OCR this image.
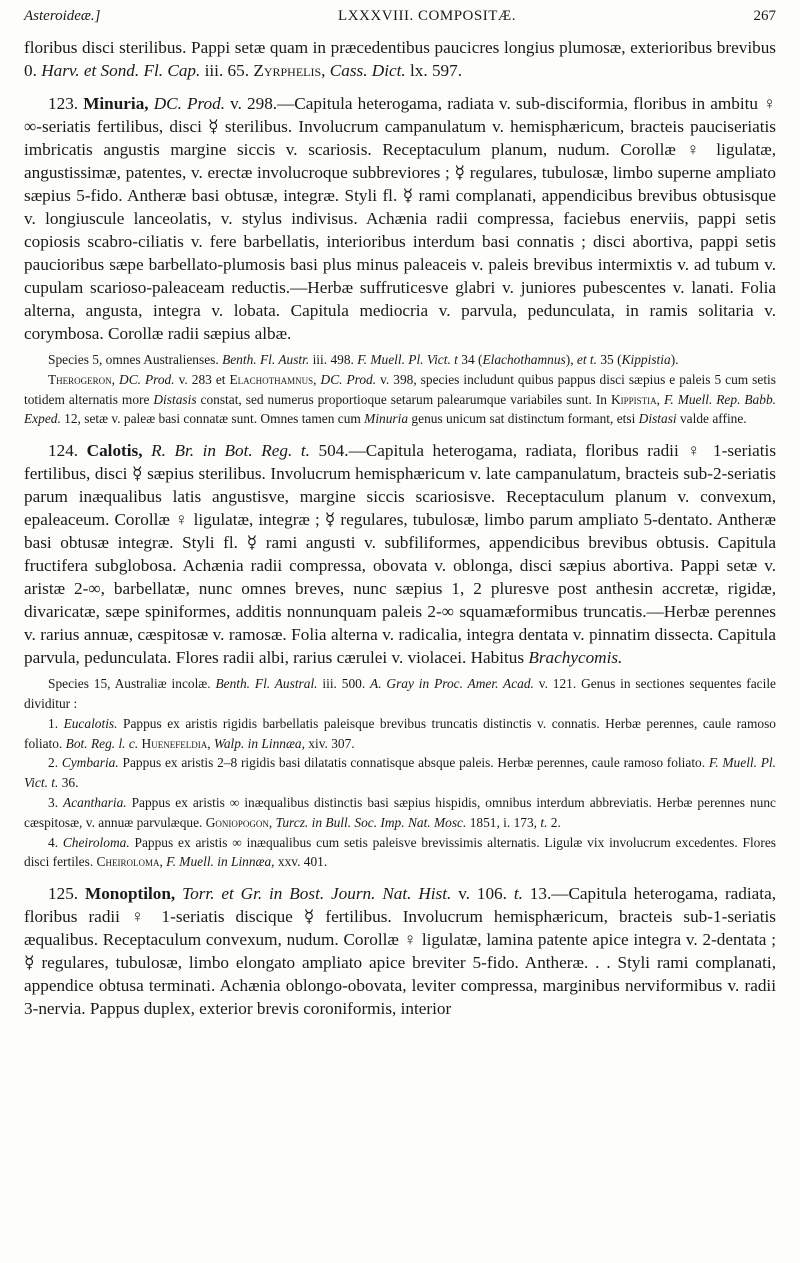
Asteroideæ.]	LXXXVIII. COMPOSITÆ.	267

floribus disci sterilibus. Pappi setæ quam in præcedentibus paucicres longius plumosæ, exterioribus brevibus 0. Harv. et Sond. Fl. Cap. iii. 65. Zyrphelis, Cass. Dict. lx. 597.

123. Minuria, DC. Prod. v. 298.—Capitula heterogama, radiata v. sub-disciformia, floribus in ambitu ♀ ∞-seriatis fertilibus, disci ☿ sterilibus. Involucrum campanulatum v. hemisphæricum, bracteis pauciseriatis imbricatis angustis margine siccis v. scariosis. Receptaculum planum, nudum. Corollæ ♀ ligulatæ, angustissimæ, patentes, v. erectæ involucroque subbreviores ; ☿ regulares, tubulosæ, limbo superne ampliato sæpius 5-fido. Antheræ basi obtusæ, integræ. Styli fl. ☿ rami complanati, appendicibus brevibus obtusisque v. longiuscule lanceolatis, v. stylus indivisus. Achænia radii compressa, faciebus enerviis, pappi setis copiosis scabro-ciliatis v. fere barbellatis, interioribus interdum basi connatis ; disci abortiva, pappi setis paucioribus sæpe barbellato-plumosis basi plus minus paleaceis v. paleis brevibus intermixtis v. ad tubum v. cupulam scarioso-paleaceam reductis.—Herbæ suffruticesve glabri v. juniores pubescentes v. lanati. Folia alterna, angusta, integra v. lobata. Capitula mediocria v. parvula, pedunculata, in ramis solitaria v. corymbosa. Corollæ radii sæpius albæ.

Species 5, omnes Australienses. Benth. Fl. Austr. iii. 498. F. Muell. Pl. Vict. t 34 (Elachothamnus), et t. 35 (Kippistia).

Therogeron, DC. Prod. v. 283 et Elachothamnus, DC. Prod. v. 398, species includunt quibus pappus disci sæpius e paleis 5 cum setis totidem alternatis more Distasis constat, sed numerus proportioque setarum palearumque variabiles sunt. In Kippistia, F. Muell. Rep. Babb. Exped. 12, setæ v. paleæ basi connatæ sunt. Omnes tamen cum Minuria genus unicum sat distinctum formant, etsi Distasi valde affine.

124. Calotis, R. Br. in Bot. Reg. t. 504.—Capitula heterogama, radiata, floribus radii ♀ 1-seriatis fertilibus, disci ☿ sæpius sterilibus. Involucrum hemisphæricum v. late campanulatum, bracteis sub-2-seriatis parum inæqualibus latis angustisve, margine siccis scariosisve. Receptaculum planum v. convexum, epaleaceum. Corollæ ♀ ligulatæ, integræ ; ☿ regulares, tubulosæ, limbo parum ampliato 5-dentato. Antheræ basi obtusæ integræ. Styli fl. ☿ rami angusti v. subfiliformes, appendicibus brevibus obtusis. Capitula fructifera subglobosa. Achænia radii compressa, obovata v. oblonga, disci sæpius abortiva. Pappi setæ v. aristæ 2-∞, barbellatæ, nunc omnes breves, nunc sæpius 1, 2 pluresve post anthesin accretæ, rigidæ, divaricatæ, sæpe spiniformes, additis nonnunquam paleis 2-∞ squamæformibus truncatis.—Herbæ perennes v. rarius annuæ, cæspitosæ v. ramosæ. Folia alterna v. radicalia, integra dentata v. pinnatim dissecta. Capitula parvula, pedunculata. Flores radii albi, rarius cærulei v. violacei. Habitus Brachycomis.

Species 15, Australiæ incolæ. Benth. Fl. Austral. iii. 500. A. Gray in Proc. Amer. Acad. v. 121. Genus in sectiones sequentes facile dividitur :

1. Eucalotis. Pappus ex aristis rigidis barbellatis paleisque brevibus truncatis distinctis v. connatis. Herbæ perennes, caule ramoso foliato. Bot. Reg. l. c. Huenefeldia, Walp. in Linnæa, xiv. 307.

2. Cymbaria. Pappus ex aristis 2–8 rigidis basi dilatatis connatisque absque paleis. Herbæ perennes, caule ramoso foliato. F. Muell. Pl. Vict. t. 36.

3. Acantharia. Pappus ex aristis ∞ inæqualibus distinctis basi sæpius hispidis, omnibus interdum abbreviatis. Herbæ perennes nunc cæspitosæ, v. annuæ parvulæque. Goniopogon, Turcz. in Bull. Soc. Imp. Nat. Mosc. 1851, i. 173, t. 2.

4. Cheiroloma. Pappus ex aristis ∞ inæqualibus cum setis paleisve brevissimis alternatis. Ligulæ vix involucrum excedentes. Flores disci fertiles. Cheiroloma, F. Muell. in Linnæa, xxv. 401.

125. Monoptilon, Torr. et Gr. in Bost. Journ. Nat. Hist. v. 106. t. 13.—Capitula heterogama, radiata, floribus radii ♀ 1-seriatis discique ☿ fertilibus. Involucrum hemisphæricum, bracteis sub-1-seriatis æqualibus. Receptaculum convexum, nudum. Corollæ ♀ ligulatæ, lamina patente apice integra v. 2-dentata ; ☿ regulares, tubulosæ, limbo elongato ampliato apice breviter 5-fido. Antheræ. . . Styli rami complanati, appendice obtusa terminati. Achænia oblongo-obovata, leviter compressa, marginibus nerviformibus v. radii 3-nervia. Pappus duplex, exterior brevis coroniformis, interior
